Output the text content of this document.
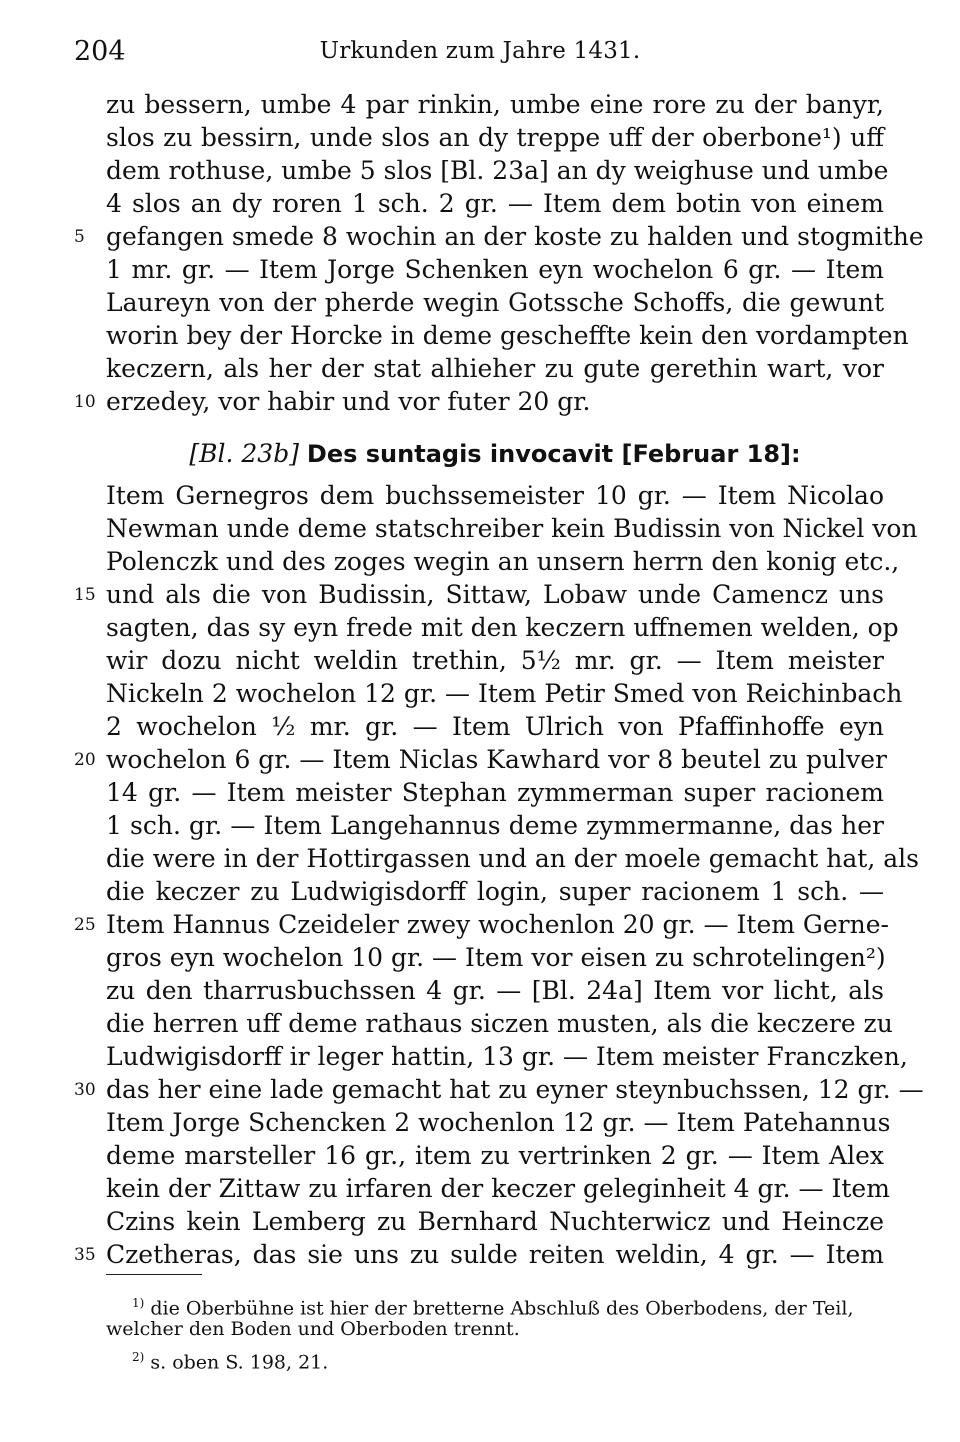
204	Urkunden zum Jahre 1431.
zu bessern, umbe 4 par rinkin, umbe eine rore zu der banyr,
slos zu bessirn, unde slos an dy treppe uff der oberbone¹) uff
dem rothuse, umbe 5 slos [Bl. 23a] an dy weighuse und umbe
4 slos an dy roren 1 sch. 2 gr. — Item dem botin von einem
gefangen smede 8 wochin an der koste zu halden und stogmithe
1 mr. gr. — Item Jorge Schenken eyn wochelon 6 gr. — Item
Laureyn von der pherde wegin Gotssche Schoffs, die gewunt
worin bey der Horcke in deme gescheffte kein den vordampten
keczern, als her der stat alhieher zu gute gerethin wart, vor
erzedey, vor habir und vor futer 20 gr.
[Bl. 23b] Des suntagis invocavit [Februar 18]:
Item Gernegros dem buchssemeister 10 gr. — Item Nicolao
Newman unde deme statschreiber kein Budissin von Nickel von
Polenczk und des zoges wegin an unsern herrn den konig etc.,
und als die von Budissin, Sittaw, Lobaw unde Camencz uns
sagten, das sy eyn frede mit den keczern uffnemen welden, op
wir dozu nicht weldin trethin, 5½ mr. gr. — Item meister
Nickeln 2 wochelon 12 gr. — Item Petir Smed von Reichinbach
2 wochelon ½ mr. gr. — Item Ulrich von Pfaffinhoffe eyn
wochelon 6 gr. — Item Niclas Kawhard vor 8 beutel zu pulver
14 gr. — Item meister Stephan zymmerman super racionem
1 sch. gr. — Item Langehannus deme zymmermanne, das her
die were in der Hottirgassen und an der moele gemacht hat, als
die keczer zu Ludwigisdorff login, super racionem 1 sch. —
Item Hannus Czeideler zwey wochenlon 20 gr. — Item Gerne-
gros eyn wochelon 10 gr. — Item vor eisen zu schrotelingen²)
zu den tharrusbuchssen 4 gr. — [Bl. 24a] Item vor licht, als
die herren uff deme rathaus siczen musten, als die keczere zu
Ludwigisdorff ir leger hattin, 13 gr. — Item meister Franczken,
das her eine lade gemacht hat zu eyner steynbuchssen, 12 gr. —
Item Jorge Schencken 2 wochenlon 12 gr. — Item Patehannus
deme marsteller 16 gr., item zu vertrinken 2 gr. — Item Alex
kein der Zittaw zu irfaren der keczer geleginheit 4 gr. — Item
Czins kein Lemberg zu Bernhard Nuchterwicz und Heincze
Czetheras, das sie uns zu sulde reiten weldin, 4 gr. — Item
5
10
15
20
25
30
35
$^{1)}$ die Oberbühne ist hier der bretterne Abschluß des Oberbodens, der Teil,
welcher den Boden und Oberboden trennt.
$^{2)}$ s. oben S. 198, 21.
